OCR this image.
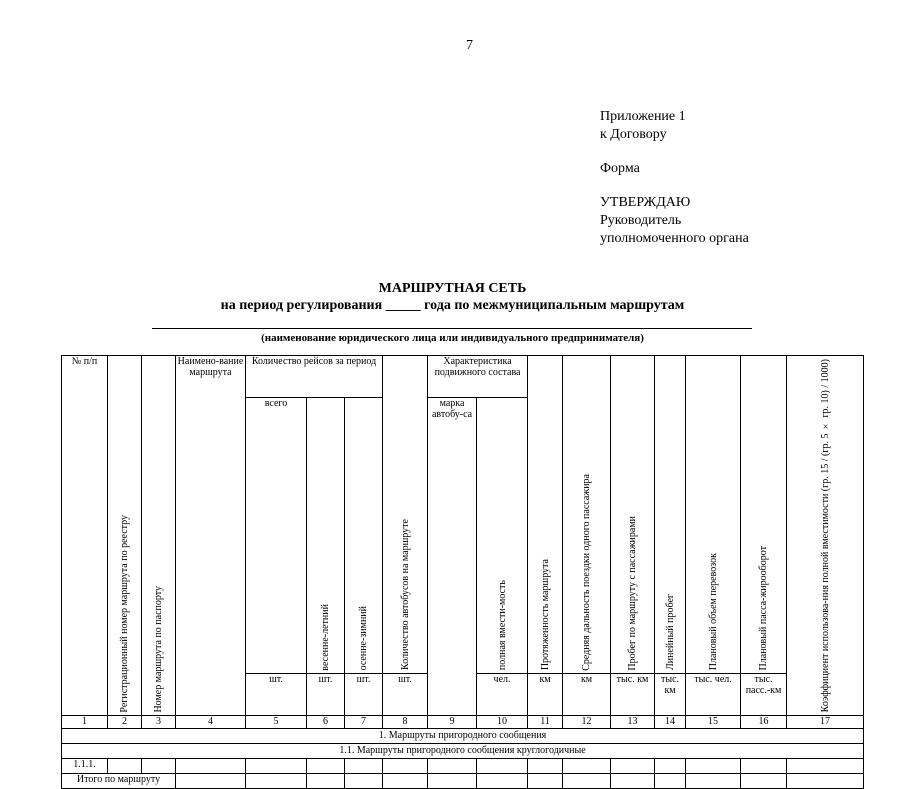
7
Приложение 1
к Договору
Форма
УТВЕРЖДАЮ
Руководитель
уполномоченного органа
МАРШРУТНАЯ СЕТЬ
на период регулирования _____ года по межмуниципальным маршрутам
(наименование юридического лица или индивидуального предпринимателя)
№ п/п	Регистрационный номер маршрута по реестру	Номер маршрута по паспорту	Наимено-вание маршрута	Количество рейсов за период			Количество автобусов на маршруте	Характеристика подвижного состава		Протяженность маршрута	Средняя дальность поездки одного пассажира	Пробег по маршруту с пассажирами	Линейный пробег	Плановый объем перевозок	Плановый пасса-жирооборот	Коэффициент использова-ния полной вместимости (гр. 15 / (гр. 5 × гр. 10) / 1000)

				всего	весенне-летний	осенне-зимний		марка автобу-са	полная вмести-мость							

				шт.	шт.	шт.	шт.		чел.	км	км	тыс. км	тыс. км	тыс. чел.	тыс. пасс.-км	
1	2	3	4	5	6	7	8	9	10	11	12	13	14	15	16	17
1. Маршруты пригородного сообщения																
1.1. Маршруты пригородного сообщения круглогодичные																
1.1.1.																
Итого по маршруту																
